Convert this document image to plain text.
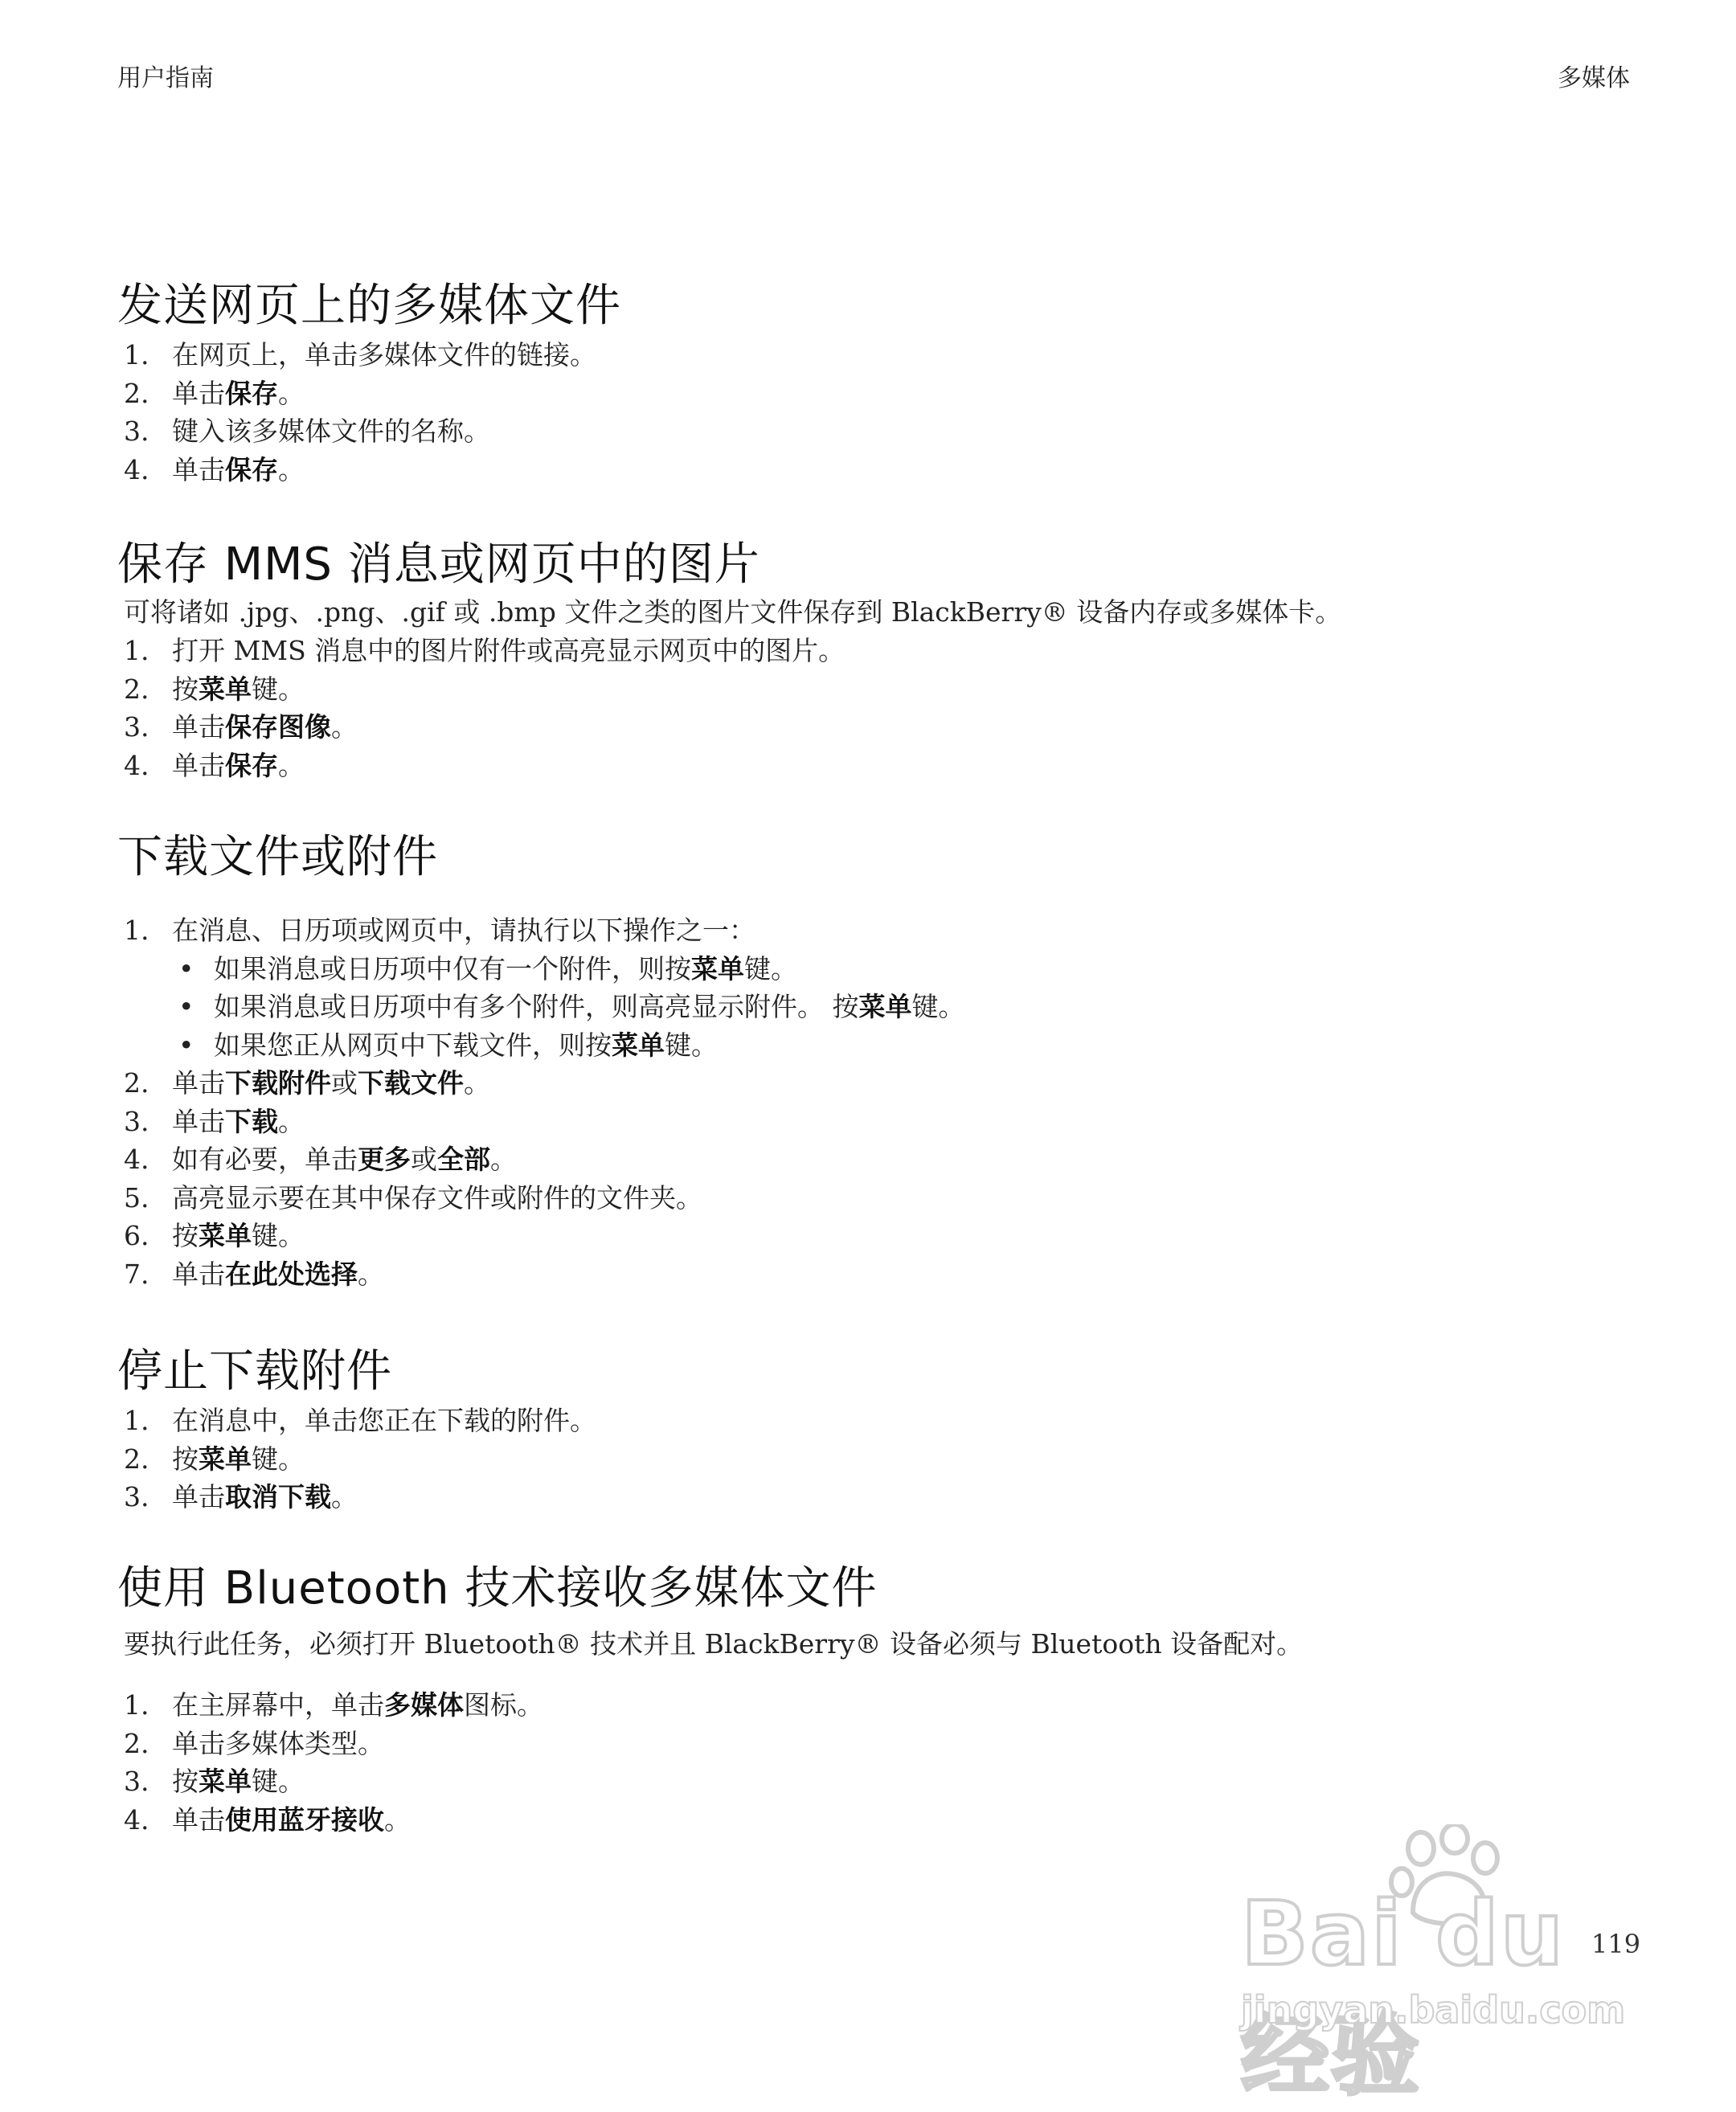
用户指南	多媒体
发送网页上的多媒体文件
1. 在网页上，单击多媒体文件的链接。
2. 单击保存。
3. 键入该多媒体文件的名称。
4. 单击保存。
保存 MMS 消息或网页中的图片

可将诸如 .jpg、.png、.gif 或 .bmp 文件之类的图片文件保存到 BlackBerry® 设备内存或多媒体卡。

1. 打开 MMS 消息中的图片附件或高亮显示网页中的图片。
2. 按菜单键。
3. 单击保存图像。
4. 单击保存。
下载文件或附件
1. 在消息、日历项或网页中，请执行以下操作之一：
• 如果消息或日历项中仅有一个附件，则按菜单键。
• 如果消息或日历项中有多个附件，则高亮显示附件。 按菜单键。
• 如果您正从网页中下载文件，则按菜单键。
2. 单击下载附件或下载文件。
3. 单击下载。
4. 如有必要，单击更多或全部。
5. 高亮显示要在其中保存文件或附件的文件夹。
6. 按菜单键。
7. 单击在此处选择。
停止下载附件
1. 在消息中，单击您正在下载的附件。
2. 按菜单键。
3. 单击取消下载。
使用 Bluetooth 技术接收多媒体文件

要执行此任务，必须打开 Bluetooth® 技术并且 BlackBerry® 设备必须与 Bluetooth 设备配对。

1. 在主屏幕中，单击多媒体图标。
2. 单击多媒体类型。
3. 按菜单键。
4. 单击使用蓝牙接收。
119
Bai du 经验
jingyan.baidu.com
